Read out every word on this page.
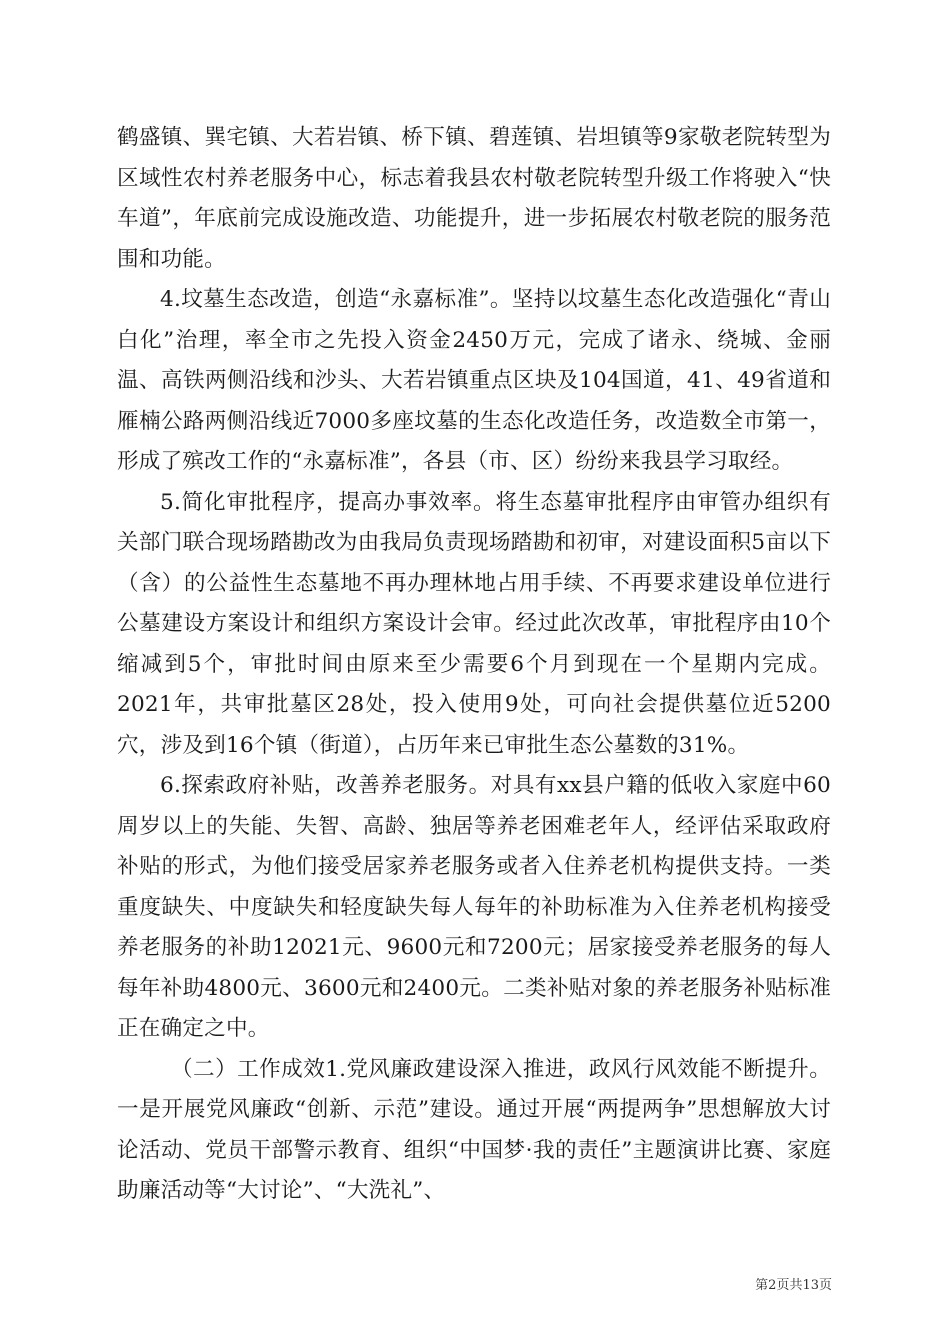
鹤盛镇、巽宅镇、大若岩镇、桥下镇、碧莲镇、岩坦镇等9家敬老院转型为区域性农村养老服务中心，标志着我县农村敬老院转型升级工作将驶入“快车道”，年底前完成设施改造、功能提升，进一步拓展农村敬老院的服务范围和功能。

4.坟墓生态改造，创造“永嘉标准”。坚持以坟墓生态化改造强化“青山白化”治理，率全市之先投入资金2450万元，完成了诸永、绕城、金丽温、高铁两侧沿线和沙头、大若岩镇重点区块及104国道，41、49省道和雁楠公路两侧沿线近7000多座坟墓的生态化改造任务，改造数全市第一，形成了殡改工作的“永嘉标准”，各县（市、区）纷纷来我县学习取经。

5.简化审批程序，提高办事效率。将生态墓审批程序由审管办组织有关部门联合现场踏勘改为由我局负责现场踏勘和初审，对建设面积5亩以下（含）的公益性生态墓地不再办理林地占用手续、不再要求建设单位进行公墓建设方案设计和组织方案设计会审。经过此次改革，审批程序由10个缩减到5个，审批时间由原来至少需要6个月到现在一个星期内完成。2021年，共审批墓区28处，投入使用9处，可向社会提供墓位近5200穴，涉及到16个镇（街道），占历年来已审批生态公墓数的31%。

6.探索政府补贴，改善养老服务。对具有xx县户籍的低收入家庭中60周岁以上的失能、失智、高龄、独居等养老困难老年人，经评估采取政府补贴的形式，为他们接受居家养老服务或者入住养老机构提供支持。一类重度缺失、中度缺失和轻度缺失每人每年的补助标准为入住养老机构接受养老服务的补助12021元、9600元和7200元；居家接受养老服务的每人每年补助4800元、3600元和2400元。二类补贴对象的养老服务补贴标准正在确定之中。

（二）工作成效1.党风廉政建设深入推进，政风行风效能不断提升。一是开展党风廉政“创新、示范”建设。通过开展“两提两争”思想解放大讨论活动、党员干部警示教育、组织“中国梦·我的责任”主题演讲比赛、家庭助廉活动等“大讨论”、“大洗礼”、

第2页共13页
